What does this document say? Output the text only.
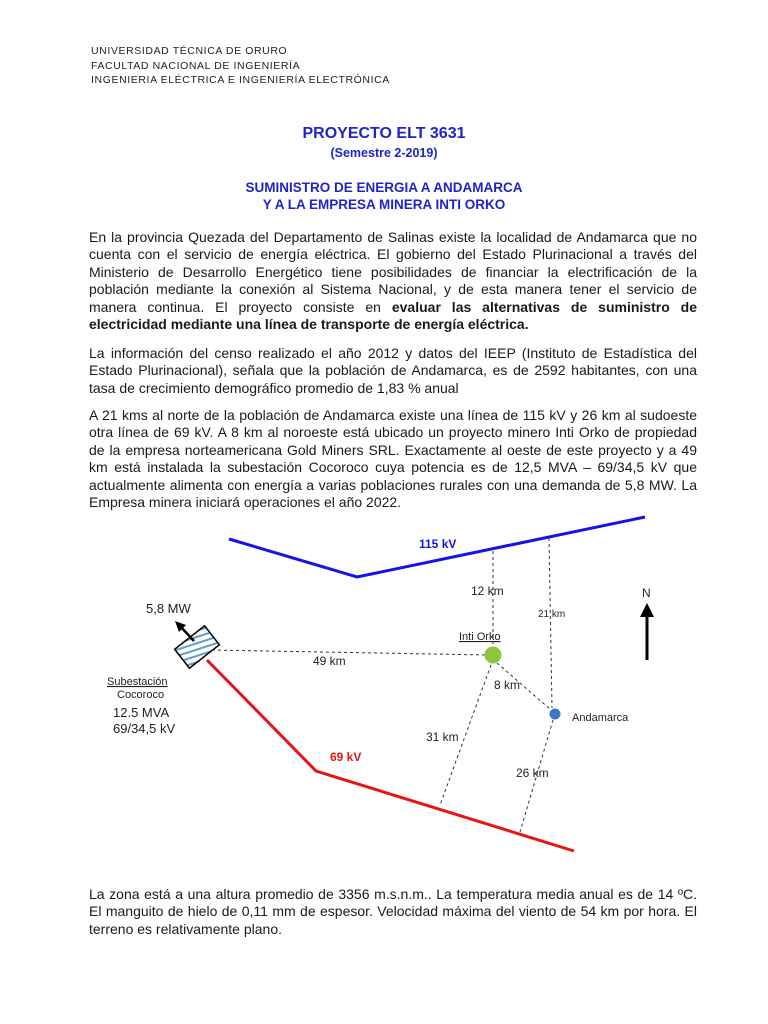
UNIVERSIDAD TÉCNICA DE ORURO
FACULTAD NACIONAL DE INGENIERÍA
INGENIERIA ELÉCTRICA E INGENIERÍA ELECTRÓNICA
PROYECTO ELT 3631
(Semestre 2-2019)
SUMINISTRO DE ENERGIA A ANDAMARCA
Y A LA EMPRESA MINERA INTI ORKO
En la provincia Quezada del Departamento de Salinas existe la localidad de Andamarca que no cuenta con el servicio de energía eléctrica. El gobierno del Estado Plurinacional a través del Ministerio de Desarrollo Energético tiene posibilidades de financiar la electrificación de la población mediante la conexión al Sistema Nacional, y de esta manera tener el servicio de manera continua. El proyecto consiste en evaluar las alternativas de suministro de electricidad mediante una línea de transporte de energía eléctrica.
La información del censo realizado el año 2012 y datos del IEEP (Instituto de Estadística del Estado Plurinacional), señala que la población de Andamarca, es de 2592 habitantes, con una tasa de crecimiento demográfico promedio de 1,83 % anual
A 21 kms al norte de la población de Andamarca existe una línea de 115 kV y 26 km al sudoeste otra línea de 69 kV. A 8 km al noroeste está ubicado un proyecto minero Inti Orko de propiedad de la empresa norteamericana Gold Miners SRL. Exactamente al oeste de este proyecto y a 49 km está instalada la subestación Cocoroco cuya potencia es de 12,5 MVA – 69/34,5 kV que actualmente alimenta con energía a varias poblaciones rurales con una demanda de 5,8 MW. La Empresa minera iniciará operaciones el año 2022.
115 kV
69 kV
12 km
21 km
49 km
8 km
31 km
26 km
N
5,8 MW
Subestación
Cocoroco
12.5 MVA
69/34,5 kV
Inti Orko
Andamarca
La zona está a una altura promedio de 3356 m.s.n.m.. La temperatura media anual es de 14 ºC. El manguito de hielo de 0,11 mm de espesor. Velocidad máxima del viento de 54 km por hora. El terreno es relativamente plano.
